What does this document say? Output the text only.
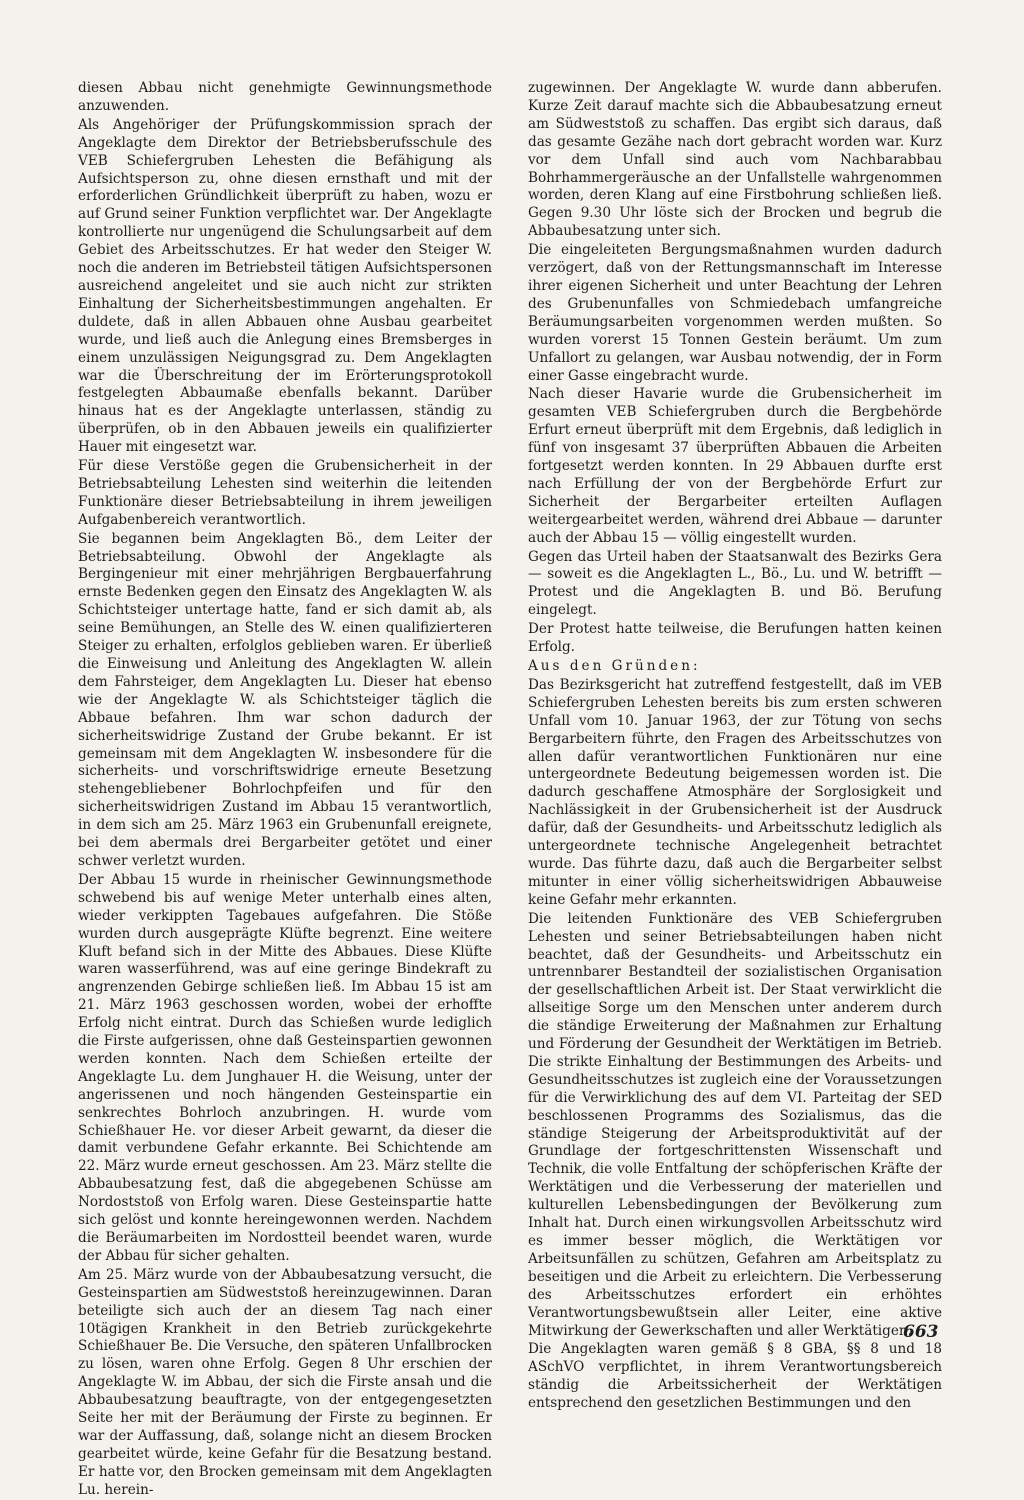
diesen Abbau nicht genehmigte Gewinnungsmethode anzuwenden.

Als Angehöriger der Prüfungskommission sprach der Angeklagte dem Direktor der Betriebsberufsschule des VEB Schiefergruben Lehesten die Befähigung als Aufsichtsperson zu, ohne diesen ernsthaft und mit der erforderlichen Gründlichkeit überprüft zu haben, wozu er auf Grund seiner Funktion verpflichtet war. Der Angeklagte kontrollierte nur ungenügend die Schulungsarbeit auf dem Gebiet des Arbeitsschutzes. Er hat weder den Steiger W. noch die anderen im Betriebsteil tätigen Aufsichtspersonen ausreichend angeleitet und sie auch nicht zur strikten Einhaltung der Sicherheitsbestimmungen angehalten. Er duldete, daß in allen Abbauen ohne Ausbau gearbeitet wurde, und ließ auch die Anlegung eines Bremsberges in einem unzulässigen Neigungsgrad zu. Dem Angeklagten war die Überschreitung der im Erörterungsprotokoll festgelegten Abbaumaße ebenfalls bekannt. Darüber hinaus hat es der Angeklagte unterlassen, ständig zu überprüfen, ob in den Abbauen jeweils ein qualifizierter Hauer mit eingesetzt war.

Für diese Verstöße gegen die Grubensicherheit in der Betriebsabteilung Lehesten sind weiterhin die leitenden Funktionäre dieser Betriebsabteilung in ihrem jeweiligen Aufgabenbereich verantwortlich.

Sie begannen beim Angeklagten Bö., dem Leiter der Betriebsabteilung. Obwohl der Angeklagte als Bergingenieur mit einer mehrjährigen Bergbauerfahrung ernste Bedenken gegen den Einsatz des Angeklagten W. als Schichtsteiger untertage hatte, fand er sich damit ab, als seine Bemühungen, an Stelle des W. einen qualifizierteren Steiger zu erhalten, erfolglos geblieben waren. Er überließ die Einweisung und Anleitung des Angeklagten W. allein dem Fahrsteiger, dem Angeklagten Lu. Dieser hat ebenso wie der Angeklagte W. als Schichtsteiger täglich die Abbaue befahren. Ihm war schon dadurch der sicherheitswidrige Zustand der Grube bekannt. Er ist gemeinsam mit dem Angeklagten W. insbesondere für die sicherheits- und vorschriftswidrige erneute Besetzung stehengebliebener Bohrlochpfeifen und für den sicherheitswidrigen Zustand im Abbau 15 verantwortlich, in dem sich am 25. März 1963 ein Grubenunfall ereignete, bei dem abermals drei Bergarbeiter getötet und einer schwer verletzt wurden.

Der Abbau 15 wurde in rheinischer Gewinnungsmethode schwebend bis auf wenige Meter unterhalb eines alten, wieder verkippten Tagebaues aufgefahren. Die Stöße wurden durch ausgeprägte Klüfte begrenzt. Eine weitere Kluft befand sich in der Mitte des Abbaues. Diese Klüfte waren wasserführend, was auf eine geringe Bindekraft zu angrenzenden Gebirge schließen ließ. Im Abbau 15 ist am 21. März 1963 geschossen worden, wobei der erhoffte Erfolg nicht eintrat. Durch das Schießen wurde lediglich die Firste aufgerissen, ohne daß Gesteinspartien gewonnen werden konnten. Nach dem Schießen erteilte der Angeklagte Lu. dem Junghauer H. die Weisung, unter der angerissenen und noch hängenden Gesteinspartie ein senkrechtes Bohrloch anzubringen. H. wurde vom Schießhauer He. vor dieser Arbeit gewarnt, da dieser die damit verbundene Gefahr erkannte. Bei Schichtende am 22. März wurde erneut geschossen. Am 23. März stellte die Abbaubesatzung fest, daß die abgegebenen Schüsse am Nordoststoß von Erfolg waren. Diese Gesteinspartie hatte sich gelöst und konnte hereingewonnen werden. Nachdem die Beräumarbeiten im Nordostteil beendet waren, wurde der Abbau für sicher gehalten.

Am 25. März wurde von der Abbaubesatzung versucht, die Gesteinspartien am Südweststoß hereinzugewinnen. Daran beteiligte sich auch der an diesem Tag nach einer 10tägigen Krankheit in den Betrieb zurückgekehrte Schießhauer Be. Die Versuche, den späteren Unfallbrocken zu lösen, waren ohne Erfolg. Gegen 8 Uhr erschien der Angeklagte W. im Abbau, der sich die Firste ansah und die Abbaubesatzung beauftragte, von der entgegengesetzten Seite her mit der Beräumung der Firste zu beginnen. Er war der Auffassung, daß, solange nicht an diesem Brocken gearbeitet würde, keine Gefahr für die Besatzung bestand. Er hatte vor, den Brocken gemeinsam mit dem Angeklagten Lu. herein-

zugewinnen. Der Angeklagte W. wurde dann abberufen. Kurze Zeit darauf machte sich die Abbaubesatzung erneut am Südweststoß zu schaffen. Das ergibt sich daraus, daß das gesamte Gezähe nach dort gebracht worden war. Kurz vor dem Unfall sind auch vom Nachbarabbau Bohrhammergeräusche an der Unfallstelle wahrgenommen worden, deren Klang auf eine Firstbohrung schließen ließ. Gegen 9.30 Uhr löste sich der Brocken und begrub die Abbaubesatzung unter sich.

Die eingeleiteten Bergungsmaßnahmen wurden dadurch verzögert, daß von der Rettungsmannschaft im Interesse ihrer eigenen Sicherheit und unter Beachtung der Lehren des Grubenunfalles von Schmiedebach umfangreiche Beräumungsarbeiten vorgenommen werden mußten. So wurden vorerst 15 Tonnen Gestein beräumt. Um zum Unfallort zu gelangen, war Ausbau notwendig, der in Form einer Gasse eingebracht wurde.

Nach dieser Havarie wurde die Grubensicherheit im gesamten VEB Schiefergruben durch die Bergbehörde Erfurt erneut überprüft mit dem Ergebnis, daß lediglich in fünf von insgesamt 37 überprüften Abbauen die Arbeiten fortgesetzt werden konnten. In 29 Abbauen durfte erst nach Erfüllung der von der Bergbehörde Erfurt zur Sicherheit der Bergarbeiter erteilten Auflagen weitergearbeitet werden, während drei Abbaue — darunter auch der Abbau 15 — völlig eingestellt wurden.

Gegen das Urteil haben der Staatsanwalt des Bezirks Gera — soweit es die Angeklagten L., Bö., Lu. und W. betrifft — Protest und die Angeklagten B. und Bö. Berufung eingelegt.

Der Protest hatte teilweise, die Berufungen hatten keinen Erfolg.

Aus den Gründen:

Das Bezirksgericht hat zutreffend festgestellt, daß im VEB Schiefergruben Lehesten bereits bis zum ersten schweren Unfall vom 10. Januar 1963, der zur Tötung von sechs Bergarbeitern führte, den Fragen des Arbeitsschutzes von allen dafür verantwortlichen Funktionären nur eine untergeordnete Bedeutung beigemessen worden ist. Die dadurch geschaffene Atmosphäre der Sorglosigkeit und Nachlässigkeit in der Grubensicherheit ist der Ausdruck dafür, daß der Gesundheits- und Arbeitsschutz lediglich als untergeordnete technische Angelegenheit betrachtet wurde. Das führte dazu, daß auch die Bergarbeiter selbst mitunter in einer völlig sicherheitswidrigen Abbauweise keine Gefahr mehr erkannten.

Die leitenden Funktionäre des VEB Schiefergruben Lehesten und seiner Betriebsabteilungen haben nicht beachtet, daß der Gesundheits- und Arbeitsschutz ein untrennbarer Bestandteil der sozialistischen Organisation der gesellschaftlichen Arbeit ist. Der Staat verwirklicht die allseitige Sorge um den Menschen unter anderem durch die ständige Erweiterung der Maßnahmen zur Erhaltung und Förderung der Gesundheit der Werktätigen im Betrieb. Die strikte Einhaltung der Bestimmungen des Arbeits- und Gesundheitsschutzes ist zugleich eine der Voraussetzungen für die Verwirklichung des auf dem VI. Parteitag der SED beschlossenen Programms des Sozialismus, das die ständige Steigerung der Arbeitsproduktivität auf der Grundlage der fortgeschrittensten Wissenschaft und Technik, die volle Entfaltung der schöpferischen Kräfte der Werktätigen und die Verbesserung der materiellen und kulturellen Lebensbedingungen der Bevölkerung zum Inhalt hat. Durch einen wirkungsvollen Arbeitsschutz wird es immer besser möglich, die Werktätigen vor Arbeitsunfällen zu schützen, Gefahren am Arbeitsplatz zu beseitigen und die Arbeit zu erleichtern. Die Verbesserung des Arbeitsschutzes erfordert ein erhöhtes Verantwortungsbewußtsein aller Leiter, eine aktive Mitwirkung der Gewerkschaften und aller Werktätigen.

Die Angeklagten waren gemäß § 8 GBA, §§ 8 und 18 ASchVO verpflichtet, in ihrem Verantwortungsbereich ständig die Arbeitssicherheit der Werktätigen entsprechend den gesetzlichen Bestimmungen und den

663
